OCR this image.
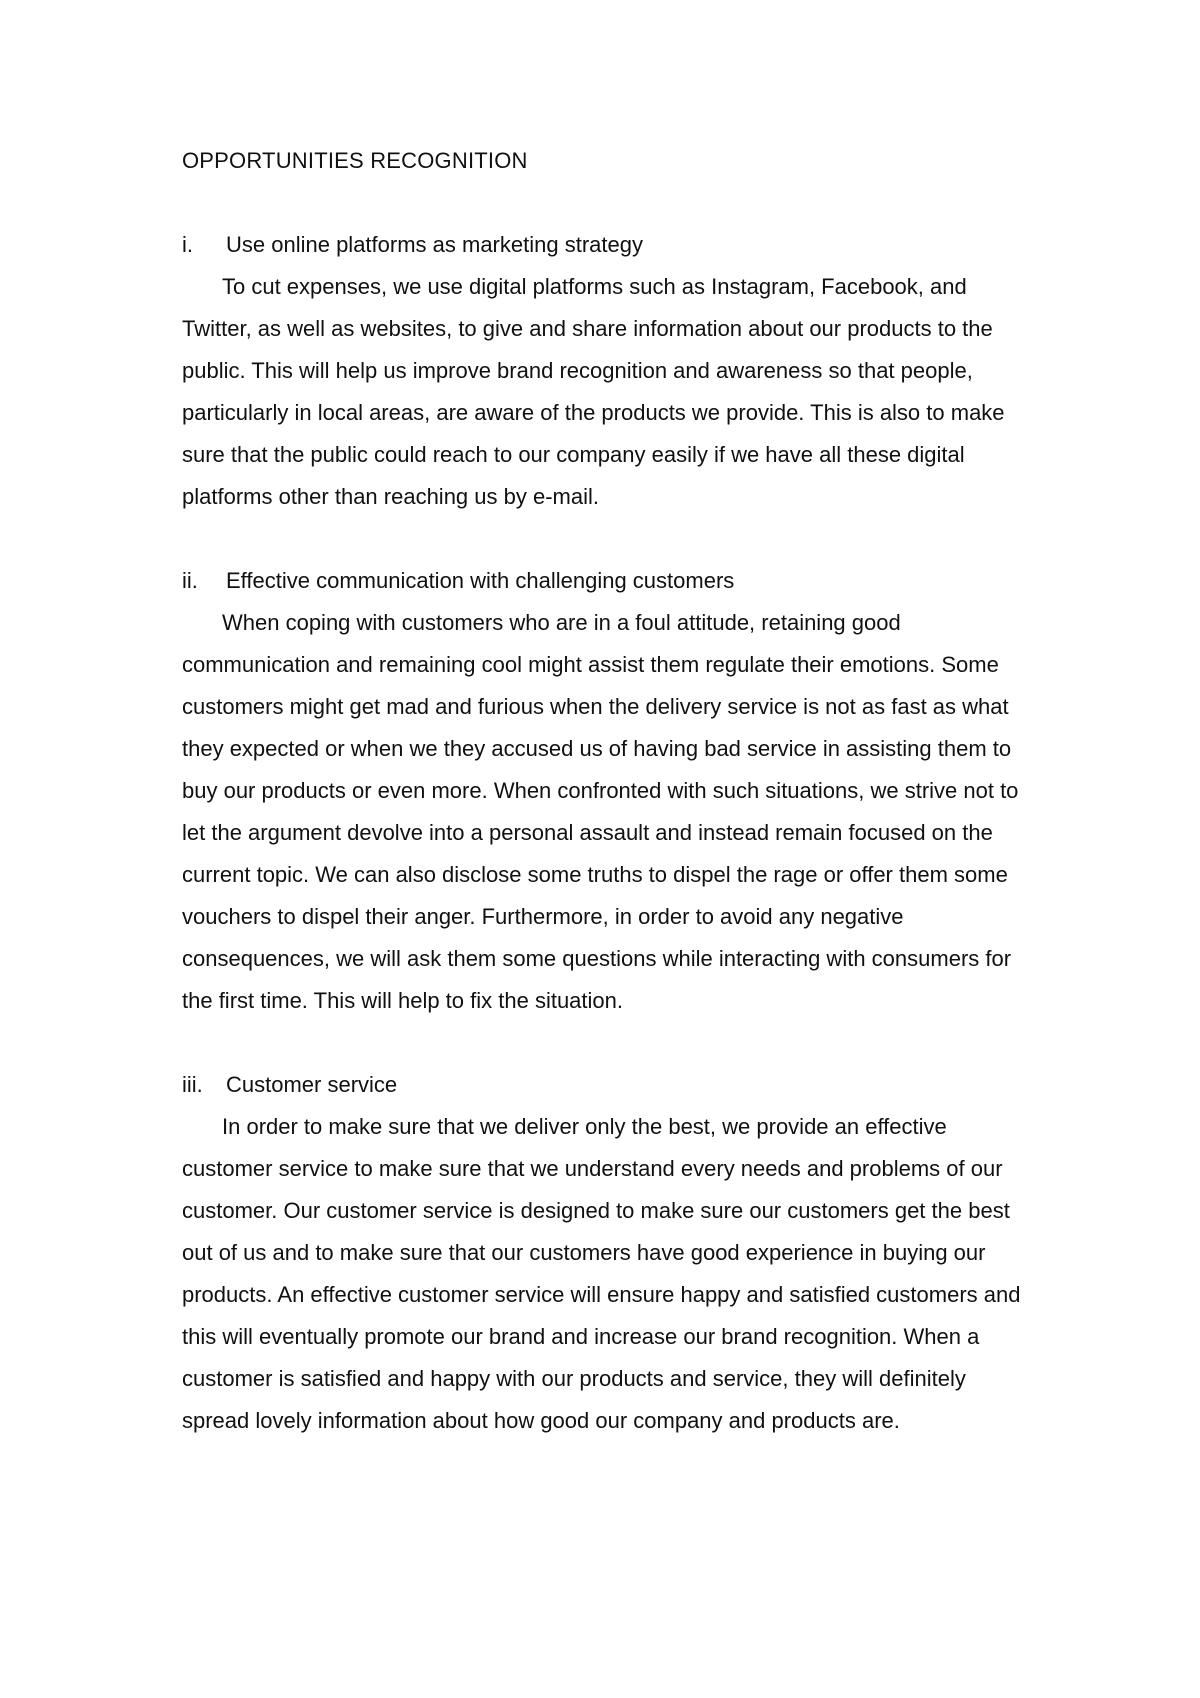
OPPORTUNITIES RECOGNITION
i.	Use online platforms as marketing strategy

To cut expenses, we use digital platforms such as Instagram, Facebook, and Twitter, as well as websites, to give and share information about our products to the public. This will help us improve brand recognition and awareness so that people, particularly in local areas, are aware of the products we provide. This is also to make sure that the public could reach to our company easily if we have all these digital platforms other than reaching us by e-mail.

ii.	Effective communication with challenging customers

When coping with customers who are in a foul attitude, retaining good communication and remaining cool might assist them regulate their emotions. Some customers might get mad and furious when the delivery service is not as fast as what they expected or when we they accused us of having bad service in assisting them to buy our products or even more. When confronted with such situations, we strive not to let the argument devolve into a personal assault and instead remain focused on the current topic. We can also disclose some truths to dispel the rage or offer them some vouchers to dispel their anger. Furthermore, in order to avoid any negative consequences, we will ask them some questions while interacting with consumers for the first time. This will help to fix the situation.

iii.	Customer service

In order to make sure that we deliver only the best, we provide an effective customer service to make sure that we understand every needs and problems of our customer. Our customer service is designed to make sure our customers get the best out of us and to make sure that our customers have good experience in buying our products. An effective customer service will ensure happy and satisfied customers and this will eventually promote our brand and increase our brand recognition. When a customer is satisfied and happy with our products and service, they will definitely spread lovely information about how good our company and products are.
